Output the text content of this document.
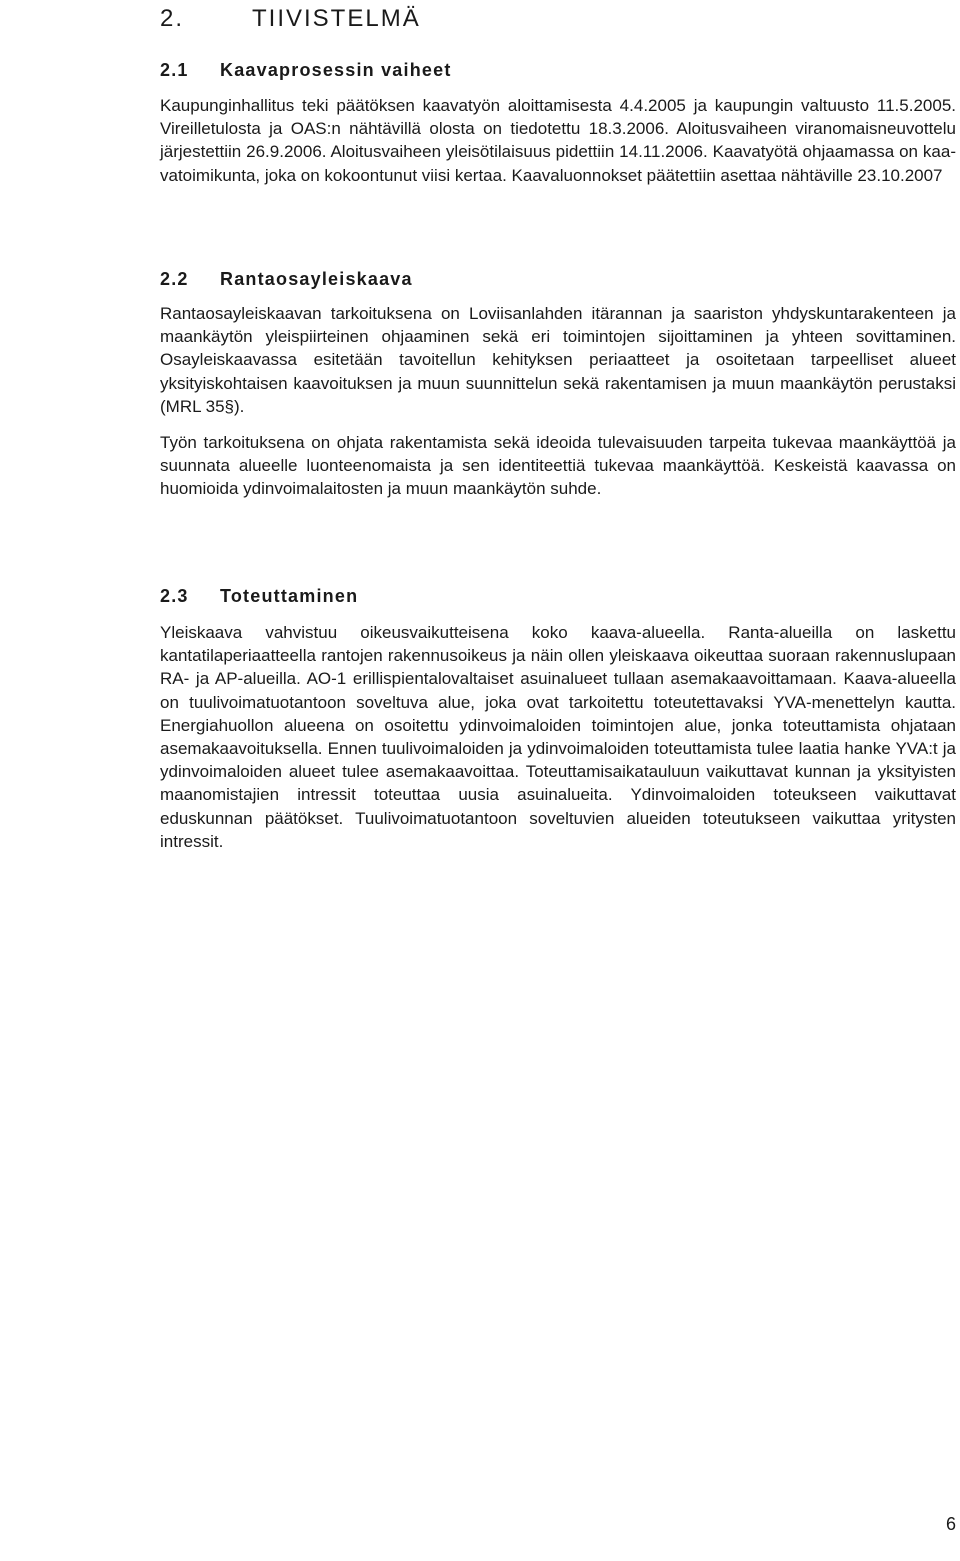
2.	TIIVISTELMÄ
2.1 Kaavaprosessin vaiheet

Kaupunginhallitus teki päätöksen kaavatyön aloittamisesta 4.4.2005 ja kaupungin valtuusto 11.5.2005. Vireilletulosta ja OAS:n nähtävillä olosta on tiedotettu 18.3.2006. Aloitusvaiheen viranomaisneuvottelu järjestettiin 26.9.2006. Aloitusvaiheen yleisötilaisuus pidettiin 14.11.2006. Kaavatyötä ohjaamassa on kaavatoimikunta, joka on kokoontunut viisi kertaa. Kaavaluonnokset päätettiin asettaa nähtäville 23.10.2007

2.2 Rantaosayleiskaava

Rantaosayleiskaavan tarkoituksena on Loviisanlahden itärannan ja saariston yhdyskuntarakenteen ja maankäytön yleispiirteinen ohjaaminen sekä eri toimintojen sijoittaminen ja yhteen sovittaminen. Osayleiskaavassa esitetään tavoitellun kehityksen periaatteet ja osoitetaan tarpeelliset alueet yksityiskohtaisen kaavoituksen ja muun suunnittelun sekä rakentamisen ja muun maankäytön perustaksi (MRL 35§).

Työn tarkoituksena on ohjata rakentamista sekä ideoida tulevaisuuden tarpeita tukevaa maankäyttöä ja suunnata alueelle luonteenomaista ja sen identiteettiä tukevaa maankäyttöä. Keskeistä kaavassa on huomioida ydinvoimalaitosten ja muun maankäytön suhde.

2.3 Toteuttaminen

Yleiskaava vahvistuu oikeusvaikutteisena koko kaava-alueella. Ranta-alueilla on laskettu kantatilaperiaatteella rantojen rakennusoikeus ja näin ollen yleiskaava oikeuttaa suoraan rakennuslupaan RA- ja AP-alueilla. AO-1 erillispientalovaltaiset asuinalueet tullaan asemakaavoittamaan. Kaava-alueella on tuulivoimatuotantoon soveltuva alue, joka ovat tarkoitettu toteutettavaksi YVA-menettelyn kautta. Energiahuollon alueena on osoitettu ydinvoimaloiden toimintojen alue, jonka toteuttamista ohjataan asemakaavoituksella. Ennen tuulivoimaloiden ja ydinvoimaloiden toteuttamista tulee laatia hanke YVA:t ja ydinvoimaloiden alueet tulee asemakaavoittaa. Toteuttamisaikatauluun vaikuttavat kunnan ja yksityisten maanomistajien intressit toteuttaa uusia asuinalueita. Ydinvoimaloiden toteukseen vaikuttavat eduskunnan päätökset. Tuulivoimatuotantoon soveltuvien alueiden toteutukseen vaikuttaa yritysten intressit.

6
